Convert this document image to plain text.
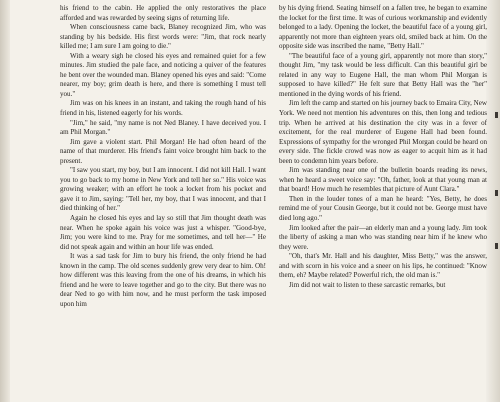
his friend to the cabin. He applied the only restoratives the place afforded and was rewarded by seeing signs of returning life.

When consciousness came back, Blaney recognized Jim, who was standing by his bedside. His first words were: "Jim, that rock nearly killed me; I am sure I am going to die."

With a weary sigh he closed his eyes and remained quiet for a few minutes. Jim studied the pale face, and noticing a quiver of the features he bent over the wounded man. Blaney opened his eyes and said: "Come nearer, my boy; grim death is here, and there is something I must tell you."

Jim was on his knees in an instant, and taking the rough hand of his friend in his, listened eagerly for his words.

"Jim," he said, "my name is not Ned Blaney. I have deceived you. I am Phil Morgan."

Jim gave a violent start. Phil Morgan! He had often heard of the name of that murderer. His friend's faint voice brought him back to the present.

"I saw you start, my boy, but I am innocent. I did not kill Hall. I want you to go back to my home in New York and tell her so." His voice was growing weaker; with an effort he took a locket from his pocket and gave it to Jim, saying: "Tell her, my boy, that I was innocent, and that I died thinking of her."

Again he closed his eyes and lay so still that Jim thought death was near. When he spoke again his voice was just a whisper. "Good-bye, Jim; you were kind to me. Pray for me sometimes, and tell her—" He did not speak again and within an hour life was ended.

It was a sad task for Jim to bury his friend, the only friend he had known in the camp. The old scenes suddenly grew very dear to him. Oh! how different was this leaving from the one of his dreams, in which his friend and he were to leave together and go to the city. But there was no dear Ned to go with him now, and he must perform the task imposed upon him

by his dying friend. Seating himself on a fallen tree, he began to examine the locket for the first time. It was of curious workmanship and evidently belonged to a lady. Opening the locket, the beautiful face of a young girl, apparently not more than eighteen years old, smiled back at him. On the opposite side was inscribed the name, "Betty Hall."

"The beautiful face of a young girl, apparently not more than story," thought Jim, "my task would be less difficult. Can this beautiful girl be related in any way to Eugene Hall, the man whom Phil Morgan is supposed to have killed?" He felt sure that Betty Hall was the "her" mentioned in the dying words of his friend.

Jim left the camp and started on his journey back to Emaira City, New York. We need not mention his adventures on this, then long and tedious trip. When he arrived at his destination the city was in a fever of excitement, for the real murderer of Eugene Hall had been found. Expressions of sympathy for the wronged Phil Morgan could be heard on every side. The fickle crowd was now as eager to acquit him as it had been to condemn him years before.

Jim was standing near one of the bulletin boards reading its news, when he heard a sweet voice say: "Oh, father, look at that young man at that board! How much he resembles that picture of Aunt Clara."

Then in the louder tones of a man he heard: "Yes, Betty, he does remind me of your Cousin George, but it could not be. George must have died long ago."

Jim looked after the pair—an elderly man and a young lady. Jim took the liberty of asking a man who was standing near him if he knew who they were.

"Oh, that's Mr. Hall and his daughter, Miss Betty," was the answer, and with scorn in his voice and a sneer on his lips, he continued: "Know them, eh? Maybe related? Powerful rich, the old man is."

Jim did not wait to listen to these sarcastic remarks, but
